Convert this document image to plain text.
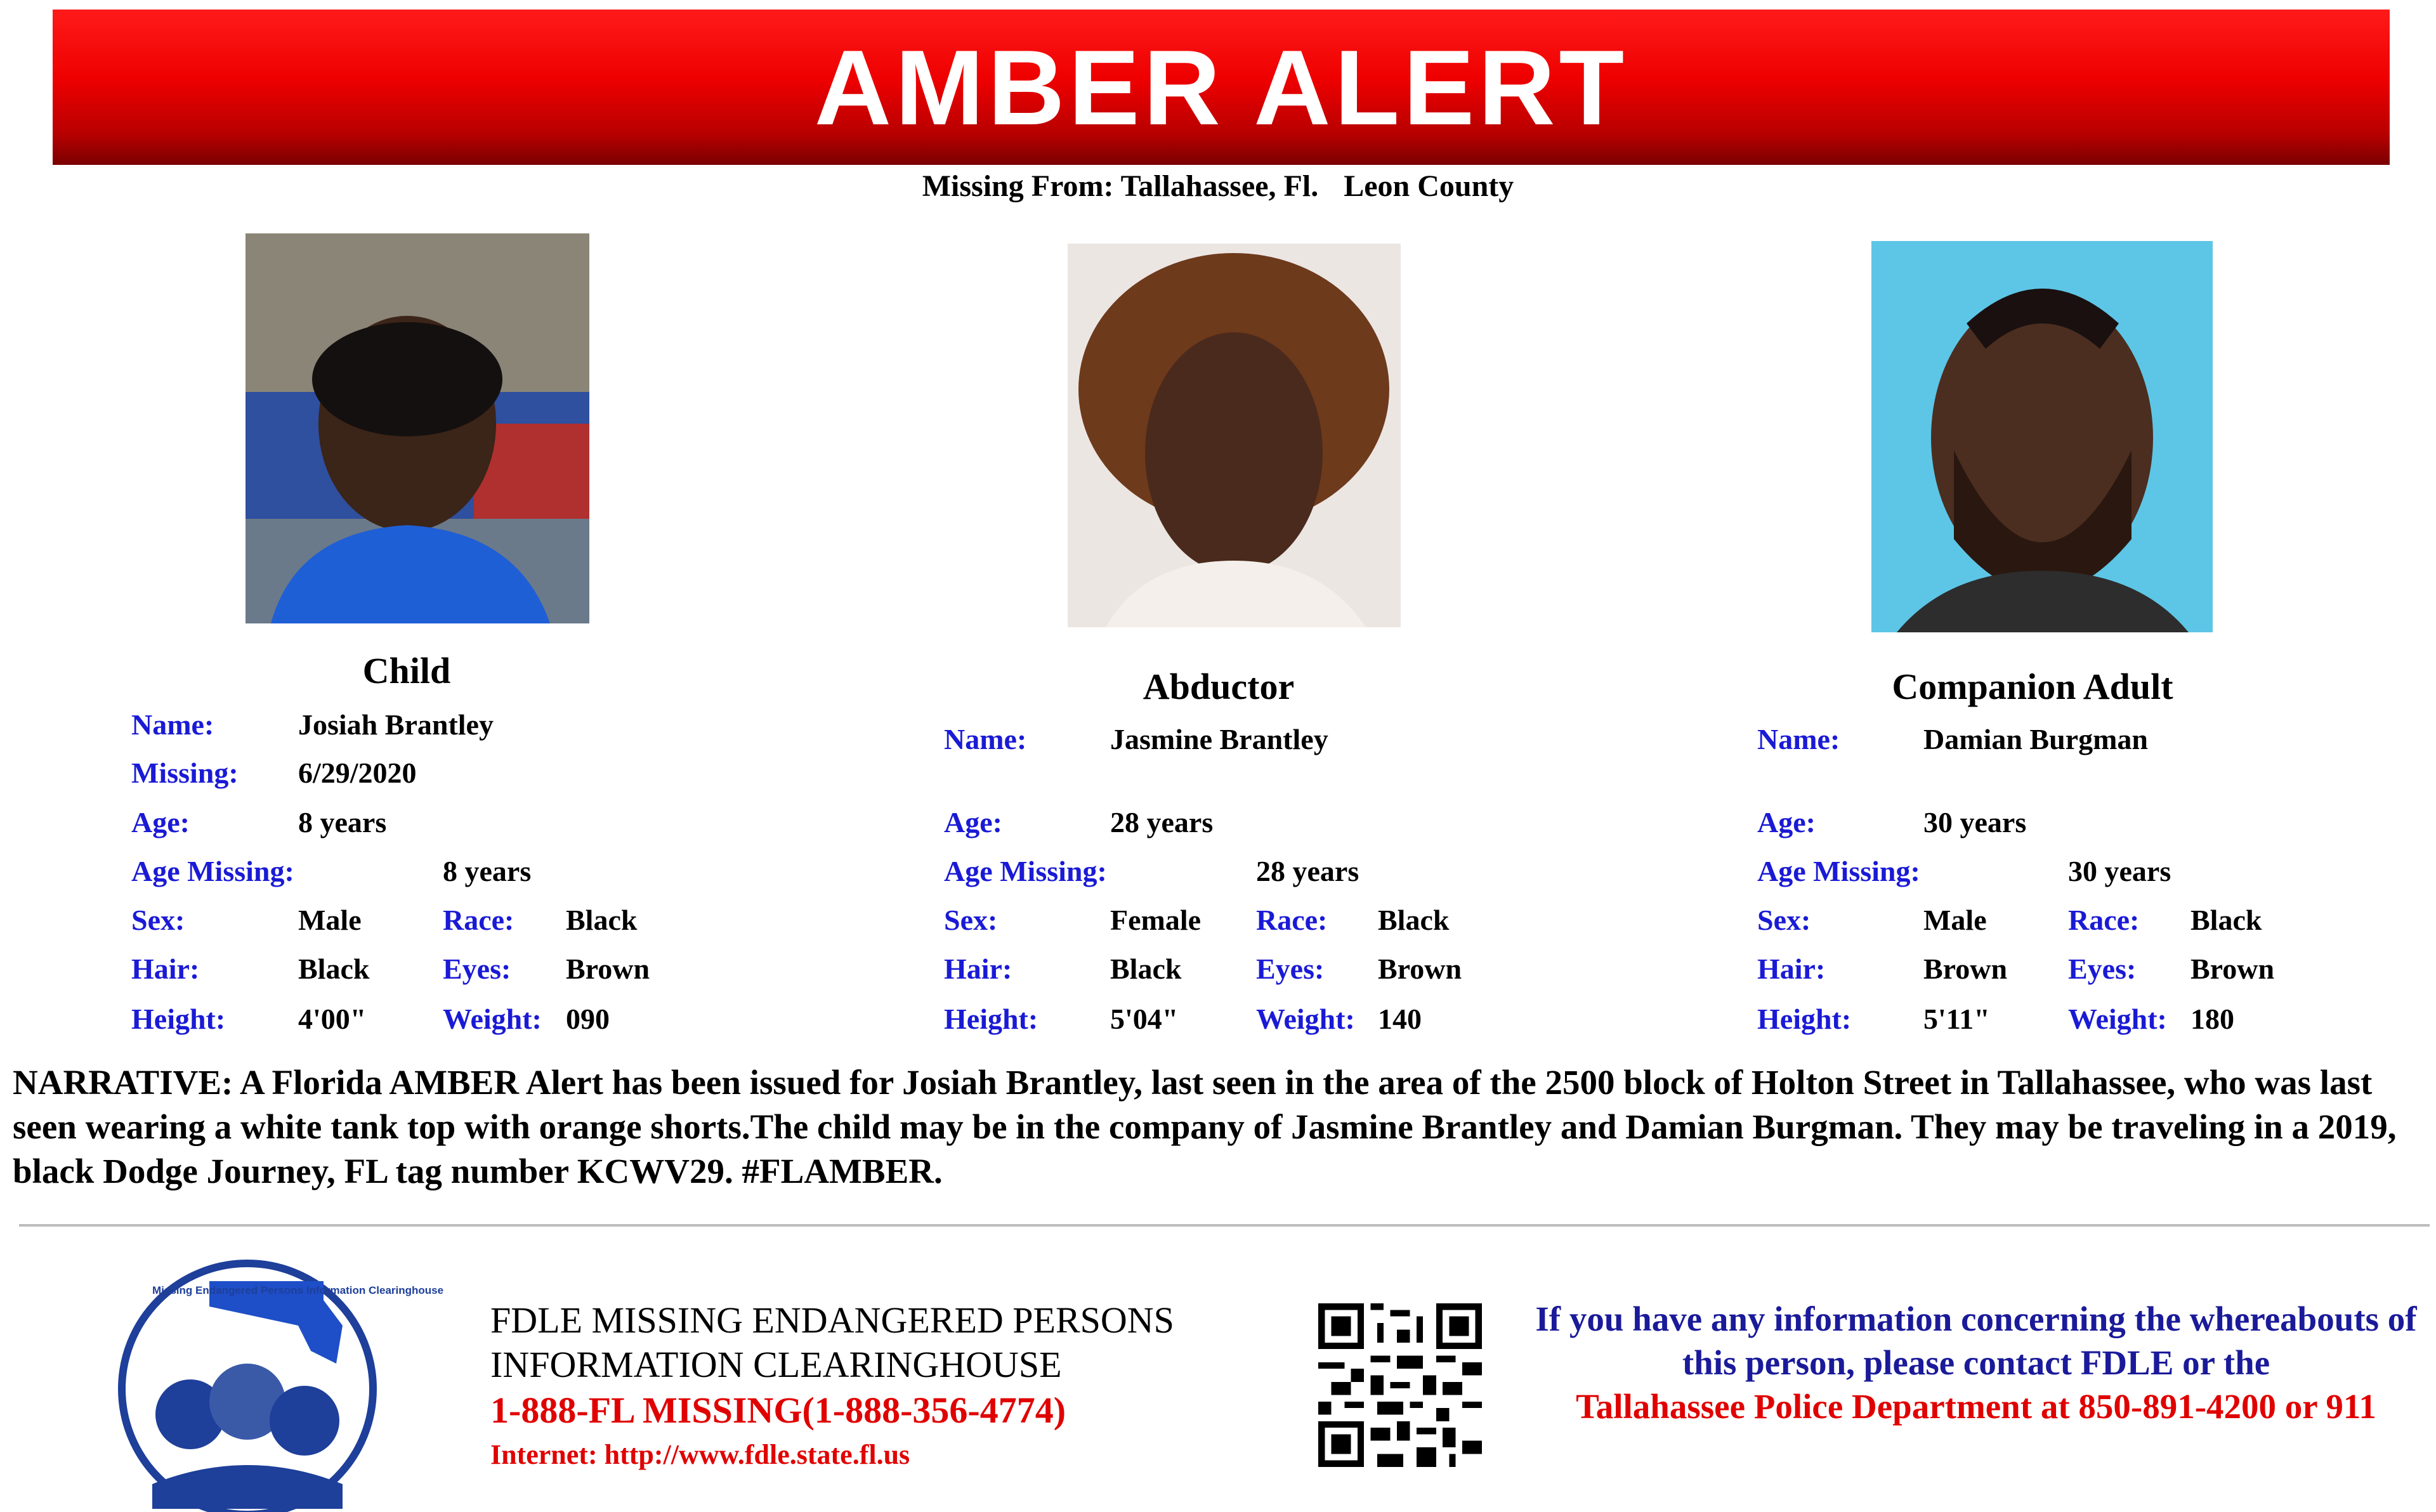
AMBER ALERT
Missing From: Tallahassee, Fl. Leon County
Child	Abductor	Companion Adult
Name:	Josiah Brantley
Missing: 6/29/2020
Age:	8 years
Age Missing:	8 years
Sex:	Male	Race: Black
Hair:	Black	Eyes: Brown
Height: 4'00"	Weight: 090
Name:	Jasmine Brantley
Age:	28 years
Age Missing:	28 years
Sex:	Female Race: Black
Hair:	Black	Eyes: Brown
Height: 5'04"	Weight: 140
Name:	Damian Burgman
Age:	30 years
Age Missing:	30 years
Sex:	Male	Race: Black
Hair:	Brown Eyes: Brown
Height: 5'11"	Weight: 180
NARRATIVE: A Florida AMBER Alert has been issued for Josiah Brantley, last seen in the area of the 2500 block of Holton Street in Tallahassee, who was last seen wearing a white tank top with orange shorts.The child may be in the company of Jasmine Brantley and Damian Burgman. They may be traveling in a 2019, black Dodge Journey, FL tag number KCWV29. #FLAMBER.
Missing Endangered Persons Information Clearinghouse
FDLE MISSING ENDANGERED PERSONS
INFORMATION CLEARINGHOUSE
1-888-FL MISSING(1-888-356-4774)
Internet: http://www.fdle.state.fl.us
If you have any information concerning the whereabouts of this person, please contact FDLE or the
Tallahassee Police Department at 850-891-4200 or 911
